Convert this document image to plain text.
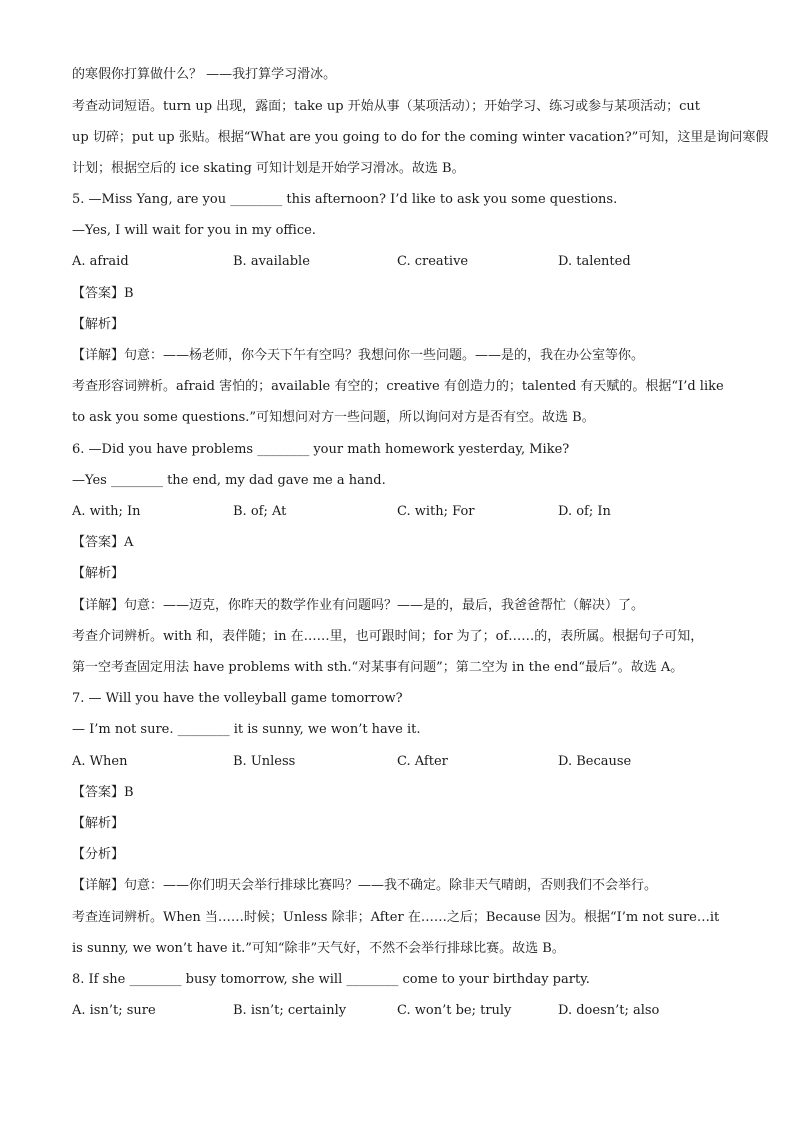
的寒假你打算做什么？ ——我打算学习滑冰。
考查动词短语。turn up 出现，露面；take up 开始从事（某项活动）；开始学习、练习或参与某项活动；cut
up 切碎；put up 张贴。根据“What are you going to do for the coming winter vacation?”可知，这里是询问寒假
计划；根据空后的 ice skating 可知计划是开始学习滑冰。故选 B。
5. —Miss Yang, are you ________ this afternoon? I’d like to ask you some questions.
—Yes, I will wait for you in my office.
A. afraid	B. available	C. creative	D. talented
【答案】B
【解析】
【详解】句意：——杨老师，你今天下午有空吗？我想问你一些问题。——是的，我在办公室等你。
考查形容词辨析。afraid 害怕的；available 有空的；creative 有创造力的；talented 有天赋的。根据“I’d like
to ask you some questions.”可知想问对方一些问题，所以询问对方是否有空。故选 B。
6. —Did you have problems ________ your math homework yesterday, Mike?
—Yes ________ the end, my dad gave me a hand.
A. with; In	B. of; At	C. with; For	D. of; In
【答案】A
【解析】
【详解】句意：——迈克，你昨天的数学作业有问题吗？——是的，最后，我爸爸帮忙（解决）了。
考查介词辨析。with 和，表伴随；in 在……里，也可跟时间；for 为了；of……的，表所属。根据句子可知，
第一空考查固定用法 have problems with sth.“对某事有问题”；第二空为 in the end“最后”。故选 A。
7. — Will you have the volleyball game tomorrow?
— I’m not sure. ________ it is sunny, we won’t have it.
A. When	B. Unless	C. After	D. Because
【答案】B
【解析】
【分析】
【详解】句意：——你们明天会举行排球比赛吗？——我不确定。除非天气晴朗，否则我们不会举行。
考查连词辨析。When 当……时候；Unless 除非；After 在……之后；Because 因为。根据“I’m not sure…it
is sunny, we won’t have it.”可知“除非”天气好，不然不会举行排球比赛。故选 B。
8. If she ________ busy tomorrow, she will ________ come to your birthday party.
A. isn’t; sure	B. isn’t; certainly	C. won’t be; truly	D. doesn’t; also
